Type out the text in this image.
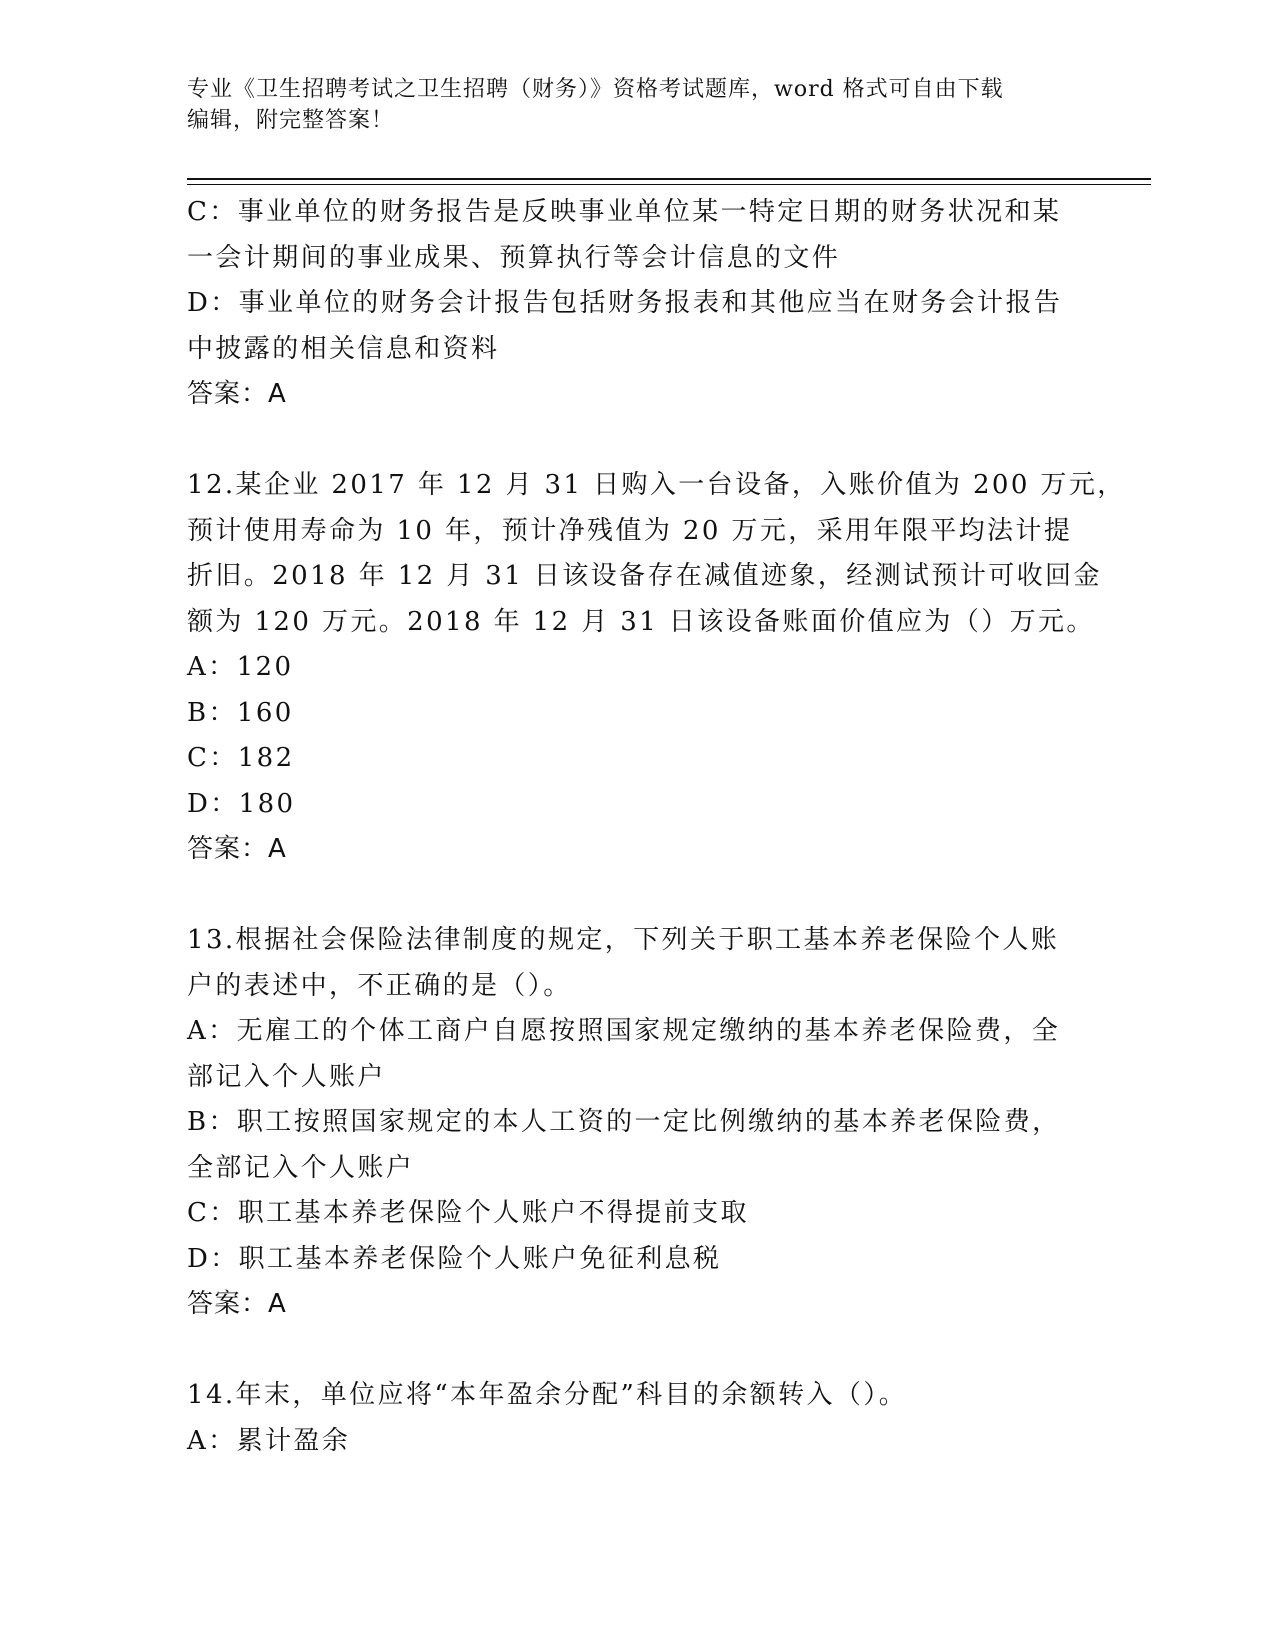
专业《卫生招聘考试之卫生招聘（财务）》资格考试题库，word 格式可自由下载
编辑，附完整答案！
C：事业单位的财务报告是反映事业单位某一特定日期的财务状况和某
一会计期间的事业成果、预算执行等会计信息的文件
D：事业单位的财务会计报告包括财务报表和其他应当在财务会计报告
中披露的相关信息和资料
答案：A
12.某企业 2017 年 12 月 31 日购入一台设备，入账价值为 200 万元，
预计使用寿命为 10 年，预计净残值为 20 万元，采用年限平均法计提
折旧。2018 年 12 月 31 日该设备存在减值迹象，经测试预计可收回金
额为 120 万元。2018 年 12 月 31 日该设备账面价值应为（）万元。
A：120
B：160
C：182
D：180
答案：A
13.根据社会保险法律制度的规定，下列关于职工基本养老保险个人账
户的表述中，不正确的是（）。
A：无雇工的个体工商户自愿按照国家规定缴纳的基本养老保险费，全
部记入个人账户
B：职工按照国家规定的本人工资的一定比例缴纳的基本养老保险费，
全部记入个人账户
C：职工基本养老保险个人账户不得提前支取
D：职工基本养老保险个人账户免征利息税
答案：A
14.年末，单位应将“本年盈余分配”科目的余额转入（）。
A：累计盈余
